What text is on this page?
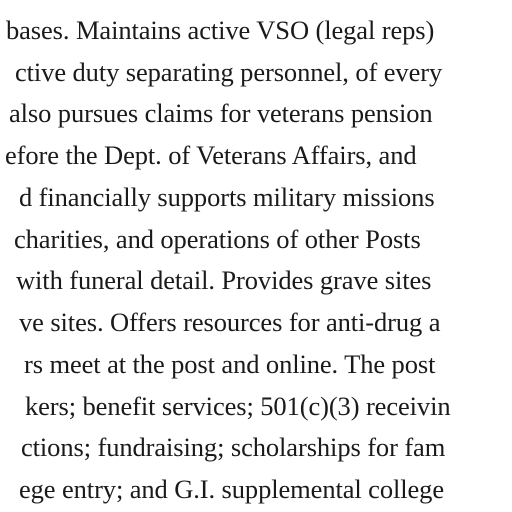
bases. Maintains active VSO (legal reps)
ctive duty separating personnel, of every
also pursues claims for veterans pension
efore the Dept. of Veterans Affairs, and
d financially supports military missions
charities, and operations of other Posts
with funeral detail. Provides grave sites
ve sites. Offers resources for anti-drug a
rs meet at the post and online. The post
kers; benefit services; 501(c)(3) receivin
ctions; fundraising; scholarships for fam
ege entry; and G.I. supplemental college
